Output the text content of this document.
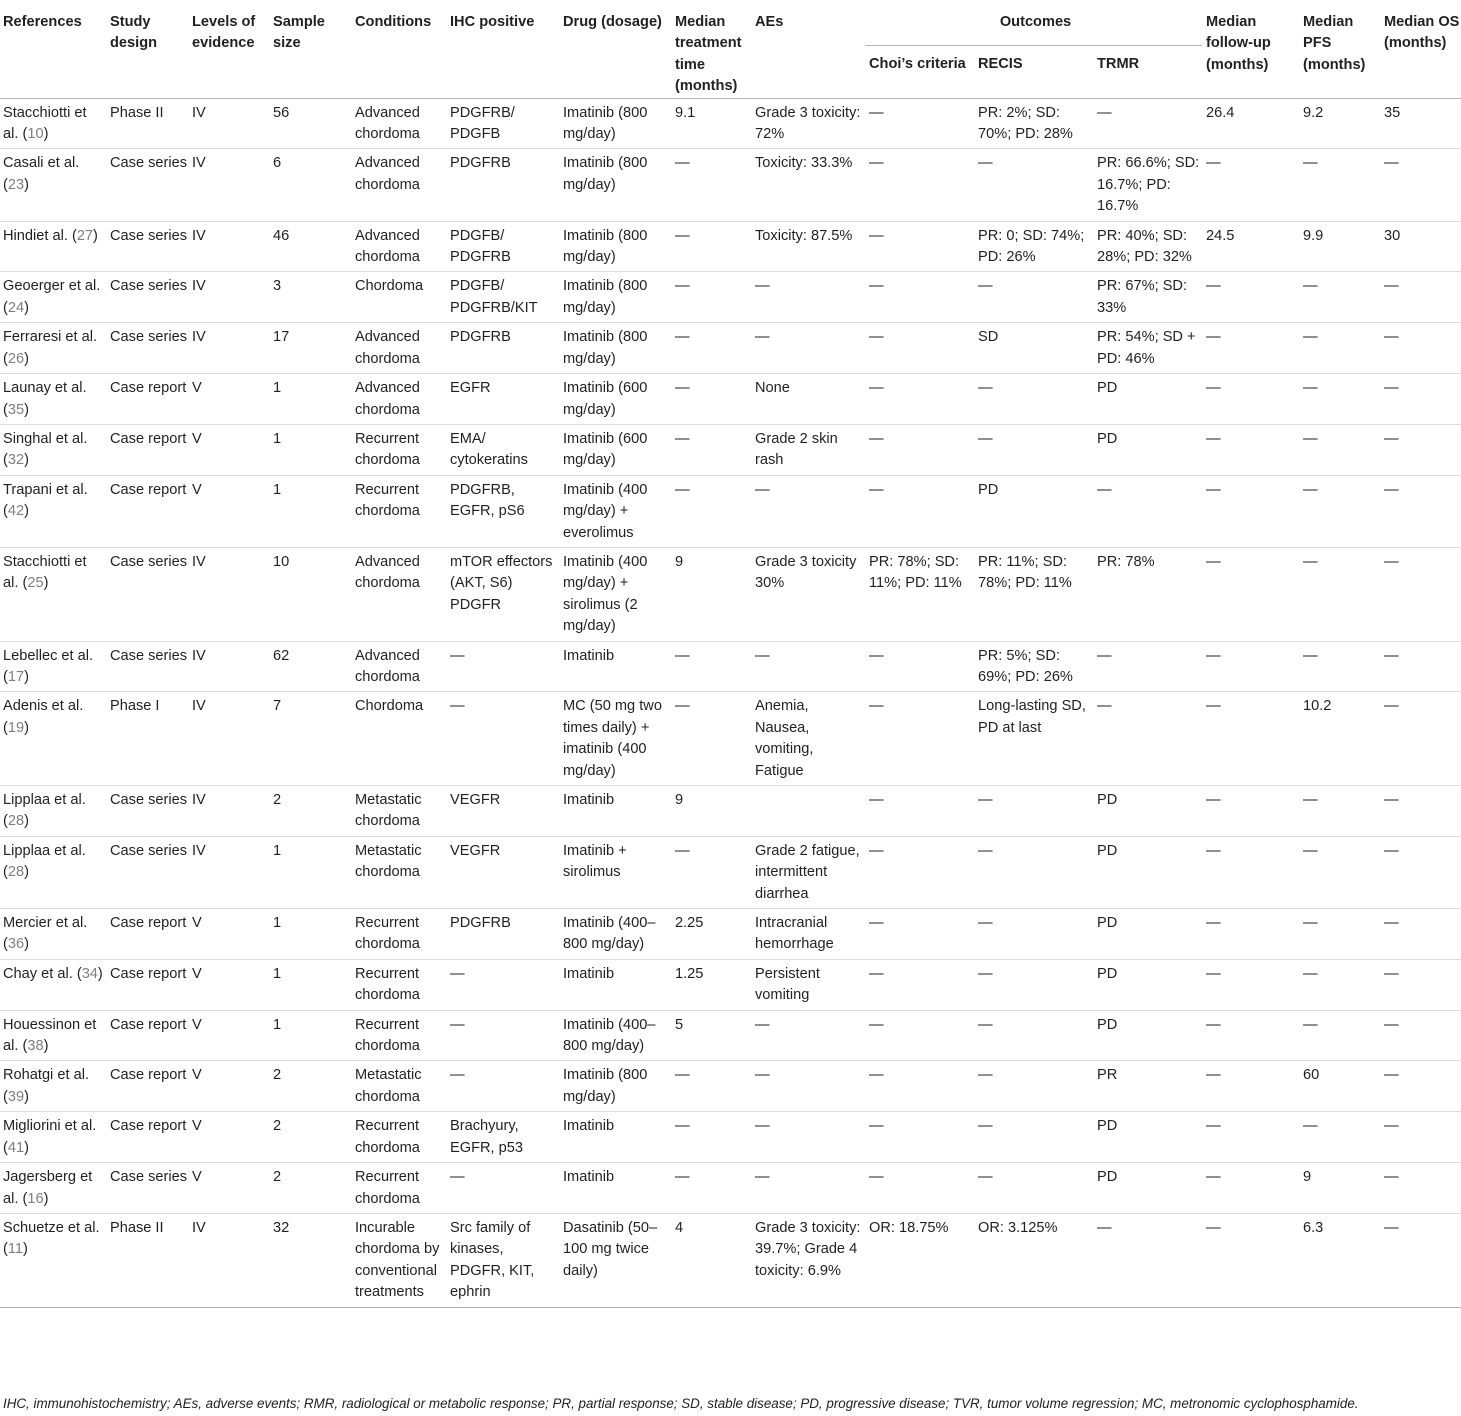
References	Study design	Levels of evidence	Sample size	Conditions	IHC positive	Drug (dosage)	Median treatment time (months)	AEs	Outcomes			Median follow-up (months)	Median PFS (months)	Median OS (months)
									Choi’s criteria	RECIS	TRMR			
Stacchiotti et al. (10)	Phase II	IV	56	Advanced chordoma	PDGFRB/ PDGFB	Imatinib (800 mg/day)	9.1	Grade 3 toxicity: 72%	—	PR: 2%; SD: 70%; PD: 28%	—	26.4	9.2	35
Casali et al. (23)	Case series	IV	6	Advanced chordoma	PDGFRB	Imatinib (800 mg/day)	—	Toxicity: 33.3%	—	—	PR: 66.6%; SD: 16.7%; PD: 16.7%	—	—	—
Hindiet al. (27)	Case series	IV	46	Advanced chordoma	PDGFB/ PDGFRB	Imatinib (800 mg/day)	—	Toxicity: 87.5%	—	PR: 0; SD: 74%; PD: 26%	PR: 40%; SD: 28%; PD: 32%	24.5	9.9	30
Geoerger et al. (24)	Case series	IV	3	Chordoma	PDGFB/ PDGFRB/KIT	Imatinib (800 mg/day)	—	—	—	—	PR: 67%; SD: 33%	—	—	—
Ferraresi et al. (26)	Case series	IV	17	Advanced chordoma	PDGFRB	Imatinib (800 mg/day)	—	—	—	SD	PR: 54%; SD + PD: 46%	—	—	—
Launay et al. (35)	Case report	V	1	Advanced chordoma	EGFR	Imatinib (600 mg/day)	—	None	—	—	PD	—	—	—
Singhal et al. (32)	Case report	V	1	Recurrent chordoma	EMA/ cytokeratins	Imatinib (600 mg/day)	—	Grade 2 skin rash	—	—	PD	—	—	—
Trapani et al. (42)	Case report	V	1	Recurrent chordoma	PDGFRB, EGFR, pS6	Imatinib (400 mg/day) + everolimus	—	—	—	PD	—	—	—	—
Stacchiotti et al. (25)	Case series	IV	10	Advanced chordoma	mTOR effectors (AKT, S6) PDGFR	Imatinib (400 mg/day) + sirolimus (2 mg/day)	9	Grade 3 toxicity 30%	PR: 78%; SD: 11%; PD: 11%	PR: 11%; SD: 78%; PD: 11%	PR: 78%	—	—	—
Lebellec et al. (17)	Case series	IV	62	Advanced chordoma	—	Imatinib	—	—	—	PR: 5%; SD: 69%; PD: 26%	—	—	—	—
Adenis et al. (19)	Phase I	IV	7	Chordoma	—	MC (50 mg two times daily) + imatinib (400 mg/day)	—	Anemia, Nausea, vomiting, Fatigue	—	Long-lasting SD, PD at last	—	—	10.2	—
Lipplaa et al. (28)	Case series	IV	2	Metastatic chordoma	VEGFR	Imatinib	9		—	—	PD	—	—	—
Lipplaa et al. (28)	Case series	IV	1	Metastatic chordoma	VEGFR	Imatinib + sirolimus	—	Grade 2 fatigue, intermittent diarrhea	—	—	PD	—	—	—
Mercier et al. (36)	Case report	V	1	Recurrent chordoma	PDGFRB	Imatinib (400–800 mg/day)	2.25	Intracranial hemorrhage	—	—	PD	—	—	—
Chay et al. (34)	Case report	V	1	Recurrent chordoma	—	Imatinib	1.25	Persistent vomiting	—	—	PD	—	—	—
Houessinon et al. (38)	Case report	V	1	Recurrent chordoma	—	Imatinib (400–800 mg/day)	5	—	—	—	PD	—	—	—
Rohatgi et al. (39)	Case report	V	2	Metastatic chordoma	—	Imatinib (800 mg/day)	—	—	—	—	PR	—	60	—
Migliorini et al. (41)	Case report	V	2	Recurrent chordoma	Brachyury, EGFR, p53	Imatinib	—	—	—	—	PD	—	—	—
Jagersberg et al. (16)	Case series	V	2	Recurrent chordoma	—	Imatinib	—	—	—	—	PD	—	9	—
Schuetze et al. (11)	Phase II	IV	32	Incurable chordoma by conventional treatments	Src family of kinases, PDGFR, KIT, ephrin	Dasatinib (50–100 mg twice daily)	4	Grade 3 toxicity: 39.7%; Grade 4 toxicity: 6.9%	OR: 18.75%	OR: 3.125%	—	—	6.3	—
IHC, immunohistochemistry; AEs, adverse events; RMR, radiological or metabolic response; PR, partial response; SD, stable disease; PD, progressive disease; TVR, tumor volume regression; MC, metronomic cyclophosphamide.
